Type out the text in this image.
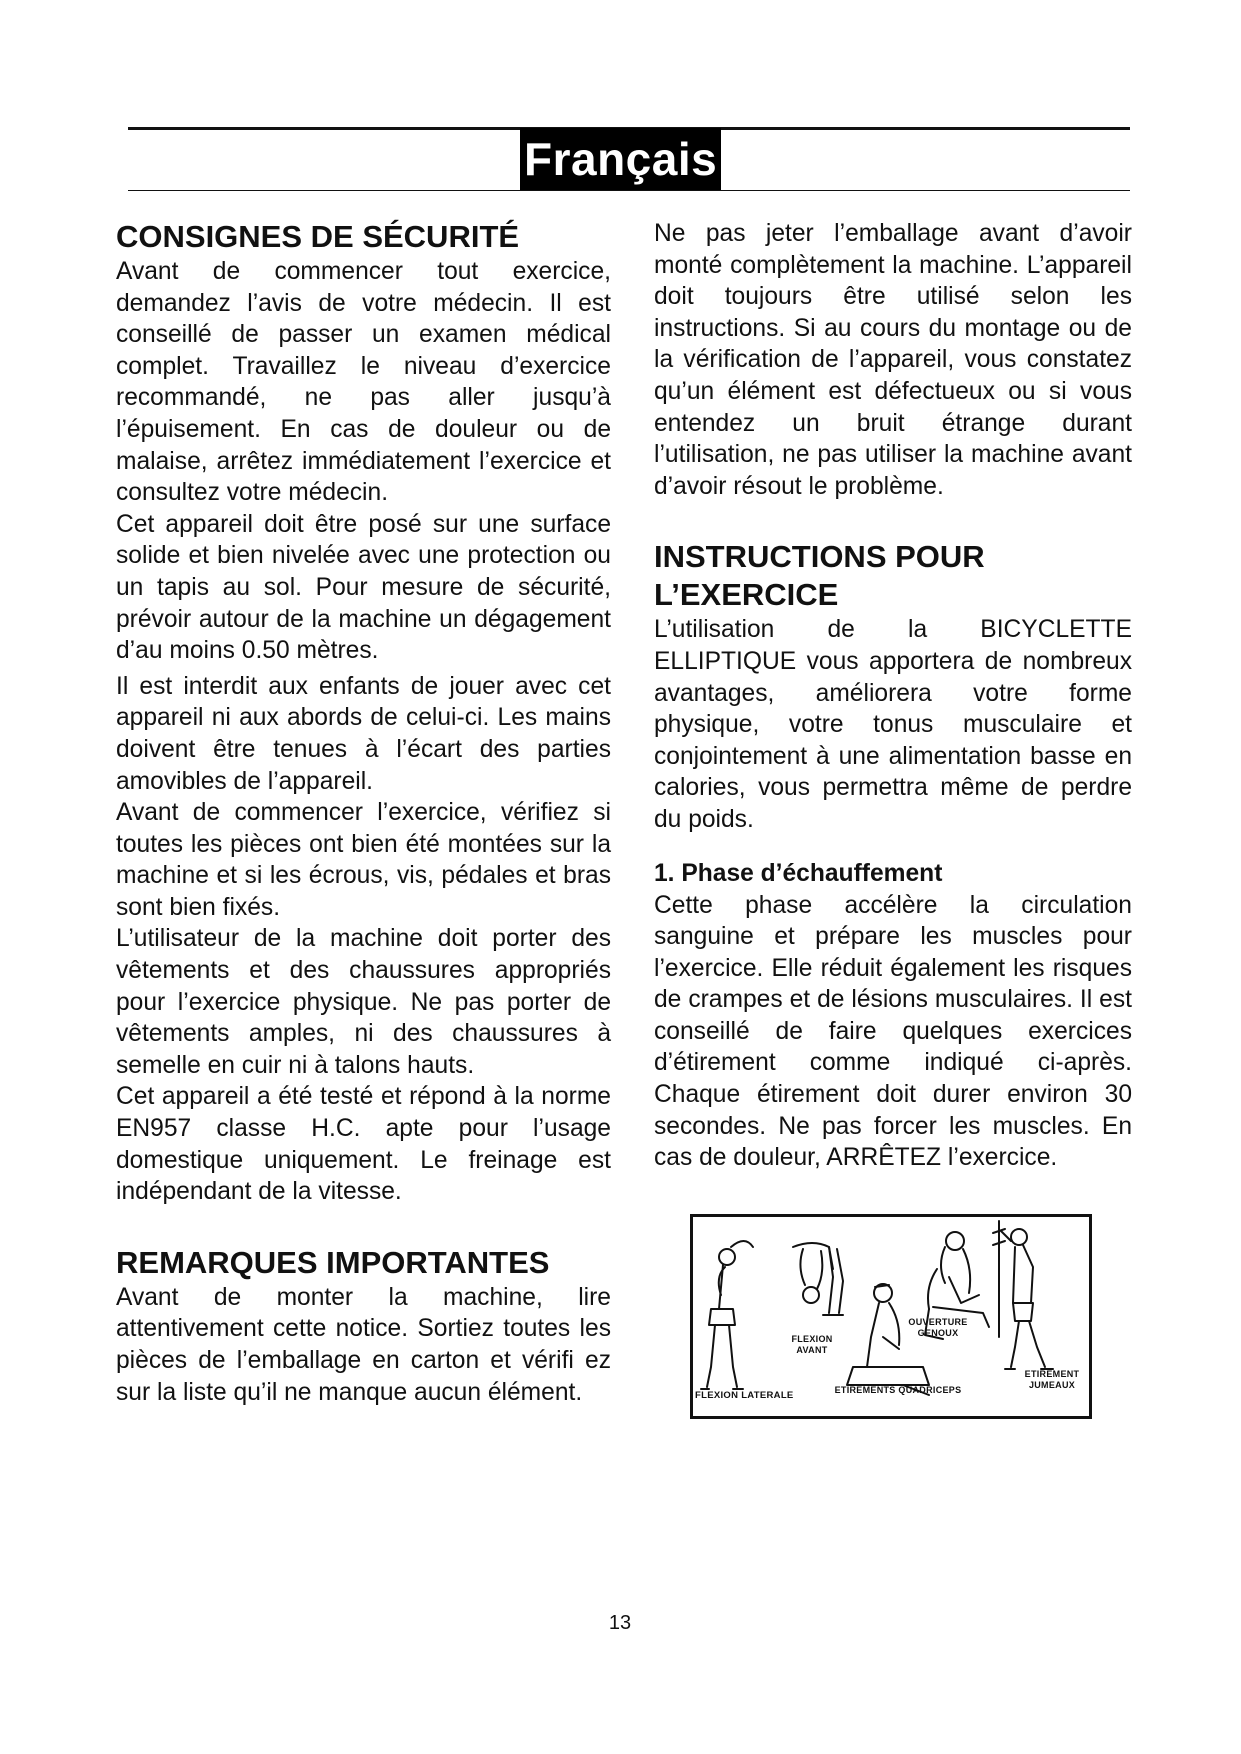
Français
CONSIGNES DE SÉCURITÉ

Avant de commencer tout exercice, demandez l’avis de votre médecin. Il est conseillé de passer un examen médical complet. Travaillez le niveau d’exercice recommandé, ne pas aller jusqu’à l’épuisement. En cas de douleur ou de malaise, arrêtez immédiatement l’exercice et consultez votre médecin.

Cet appareil doit être posé sur une surface solide et bien nivelée avec une protection ou un tapis au sol. Pour mesure de sécurité, prévoir autour de la machine un dégagement d’au moins 0.50 mètres.

Il est interdit aux enfants de jouer avec cet appareil ni aux abords de celui-ci. Les mains doivent être tenues à l’écart des parties amovibles de l’appareil.

Avant de commencer l’exercice, vérifiez si toutes les pièces ont bien été montées sur la machine et si les écrous, vis, pédales et bras sont bien fixés.

L’utilisateur de la machine doit porter des vêtements et des chaussures appropriés pour l’exercice physique. Ne pas porter de vêtements amples, ni des chaussures à semelle en cuir ni à talons hauts.

Cet appareil a été testé et répond à la norme EN957 classe H.C. apte pour l’usage domestique uniquement. Le freinage est indépendant de la vitesse.

REMARQUES IMPORTANTES

Avant de monter la machine, lire attentivement cette notice. Sortiez toutes les pièces de l’emballage en carton et vérifi ez sur la liste qu’il ne manque aucun élément.

Ne pas jeter l’emballage avant d’avoir monté complètement la machine. L’appareil doit toujours être utilisé selon les instructions. Si au cours du montage ou de la vérification de l’appareil, vous constatez qu’un élément est défectueux ou si vous entendez un bruit étrange durant l’utilisation, ne pas utiliser la machine avant d’avoir résout le problème.

INSTRUCTIONS POUR
L’EXERCICE

L’utilisation de la BICYCLETTE ELLIPTIQUE vous apportera de nombreux avantages, améliorera votre forme physique, votre tonus musculaire et conjointement à une alimentation basse en calories, vous permettra même de perdre du poids.

1. Phase d’échauffement

Cette phase accélère la circulation sanguine et prépare les muscles pour l’exercice. Elle réduit également les risques de crampes et de lésions musculaires. Il est conseillé de faire quelques exercices d’étirement comme indiqué ci-après. Chaque étirement doit durer environ 30 secondes. Ne pas forcer les muscles. En cas de douleur, ARRÊTEZ l’exercice.

FLEXION LATERALE
FLEXION
AVANT
ETIREMENTS QUADRICEPS
OUVERTURE
GENOUX
ETIREMENT
JUMEAUX
13
